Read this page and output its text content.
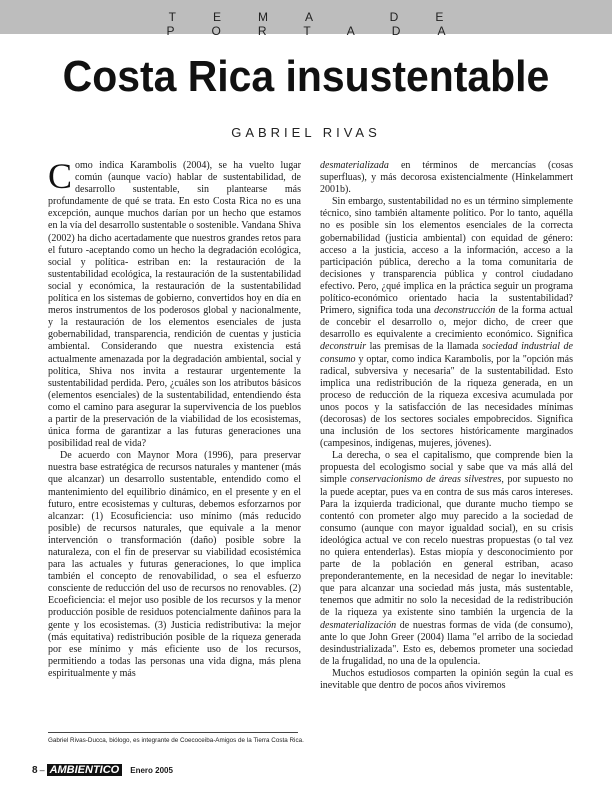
TEMA DE PORTADA
Costa Rica insustentable
GABRIEL RIVAS

Como indica Karambolis (2004), se ha vuelto lugar común (aunque vacío) hablar de sustentabilidad, de desarrollo sustentable, sin plantearse más profundamente de qué se trata. En esto Costa Rica no es una excepción, aunque muchos darían por un hecho que estamos en la vía del desarrollo sustentable o sostenible. Vandana Shiva (2002) ha dicho acertadamente que nuestros grandes retos para el futuro -aceptando como un hecho la degradación ecológica, social y política- estriban en: la restauración de la sustentabilidad ecológica, la restauración de la sustentabilidad social y económica, la restauración de la sustentabilidad política en los sistemas de gobierno, convertidos hoy en día en meros instrumentos de los poderosos global y nacionalmente, y la restauración de los elementos esenciales de justa gobernabilidad, transparencia, rendición de cuentas y justicia ambiental. Considerando que nuestra existencia está actualmente amenazada por la degradación ambiental, social y política, Shiva nos invita a restaurar urgentemente la sustentabilidad perdida. Pero, ¿cuáles son los atributos básicos (elementos esenciales) de la sustentabilidad, entendiendo ésta como el camino para asegurar la supervivencia de los pueblos a partir de la preservación de la viabilidad de los ecosistemas, única forma de garantizar a las futuras generaciones una posibilidad real de vida?

De acuerdo con Maynor Mora (1996), para preservar nuestra base estratégica de recursos naturales y mantener (más que alcanzar) un desarrollo sustentable, entendido como el mantenimiento del equilibrio dinámico, en el presente y en el futuro, entre ecosistemas y culturas, debemos esforzarnos por alcanzar: (1) Ecosuficiencia: uso mínimo (más reducido posible) de recursos naturales, que equivale a la menor intervención o transformación (daño) posible sobre la naturaleza, con el fin de preservar su viabilidad ecosistémica para las actuales y futuras generaciones, lo que implica también el concepto de renovabilidad, o sea el esfuerzo consciente de reducción del uso de recursos no renovables. (2) Ecoeficiencia: el mejor uso posible de los recursos y la menor producción posible de residuos potencialmente dañinos para la gente y los ecosistemas. (3) Justicia redistributiva: la mejor (más equitativa) redistribución posible de la riqueza generada por ese mínimo y más eficiente uso de los recursos, permitiendo a todas las personas una vida digna, más plena espiritualmente y más

desmaterializada en términos de mercancías (cosas superfluas), y más decorosa existencialmente (Hinkelammert 2001b).

Sin embargo, sustentabilidad no es un término simplemente técnico, sino también altamente político. Por lo tanto, aquélla no es posible sin los elementos esenciales de la correcta gobernabilidad (justicia ambiental) con equidad de género: acceso a la justicia, acceso a la información, acceso a la participación pública, derecho a la toma comunitaria de decisiones y transparencia pública y control ciudadano efectivo. Pero, ¿qué implica en la práctica seguir un programa político-económico orientado hacia la sustentabilidad? Primero, significa toda una deconstrucción de la forma actual de concebir el desarrollo o, mejor dicho, de creer que desarrollo es equivalente a crecimiento económico. Significa deconstruir las premisas de la llamada sociedad industrial de consumo y optar, como indica Karambolis, por la "opción más radical, subversiva y necesaria" de la sustentabilidad. Esto implica una redistribución de la riqueza generada, en un proceso de reducción de la riqueza excesiva acumulada por unos pocos y la satisfacción de las necesidades mínimas (decorosas) de los sectores sociales empobrecidos. Significa una inclusión de los sectores históricamente marginados (campesinos, indígenas, mujeres, jóvenes).

La derecha, o sea el capitalismo, que comprende bien la propuesta del ecologismo social y sabe que va más allá del simple conservacionismo de áreas silvestres, por supuesto no la puede aceptar, pues va en contra de sus más caros intereses. Para la izquierda tradicional, que durante mucho tiempo se contentó con prometer algo muy parecido a la sociedad de consumo (aunque con mayor igualdad social), en su crisis ideológica actual ve con recelo nuestras propuestas (o tal vez no quiera entenderlas). Estas miopía y desconocimiento por parte de la población en general estriban, acaso preponderantemente, en la necesidad de negar lo inevitable: que para alcanzar una sociedad más justa, más sustentable, tenemos que admitir no solo la necesidad de la redistribución de la riqueza ya existente sino también la urgencia de la desmaterialización de nuestras formas de vida (de consumo), ante lo que John Greer (2004) llama "el arribo de la sociedad desindustrializada". Esto es, debemos prometer una sociedad de la frugalidad, no una de la opulencia.

Muchos estudiosos comparten la opinión según la cual es inevitable que dentro de pocos años viviremos

Gabriel Rivas-Ducca, biólogo, es integrante de Coecoceiba-Amigos de la Tierra Costa Rica.
8 – AMBIENTICO	Enero 2005
